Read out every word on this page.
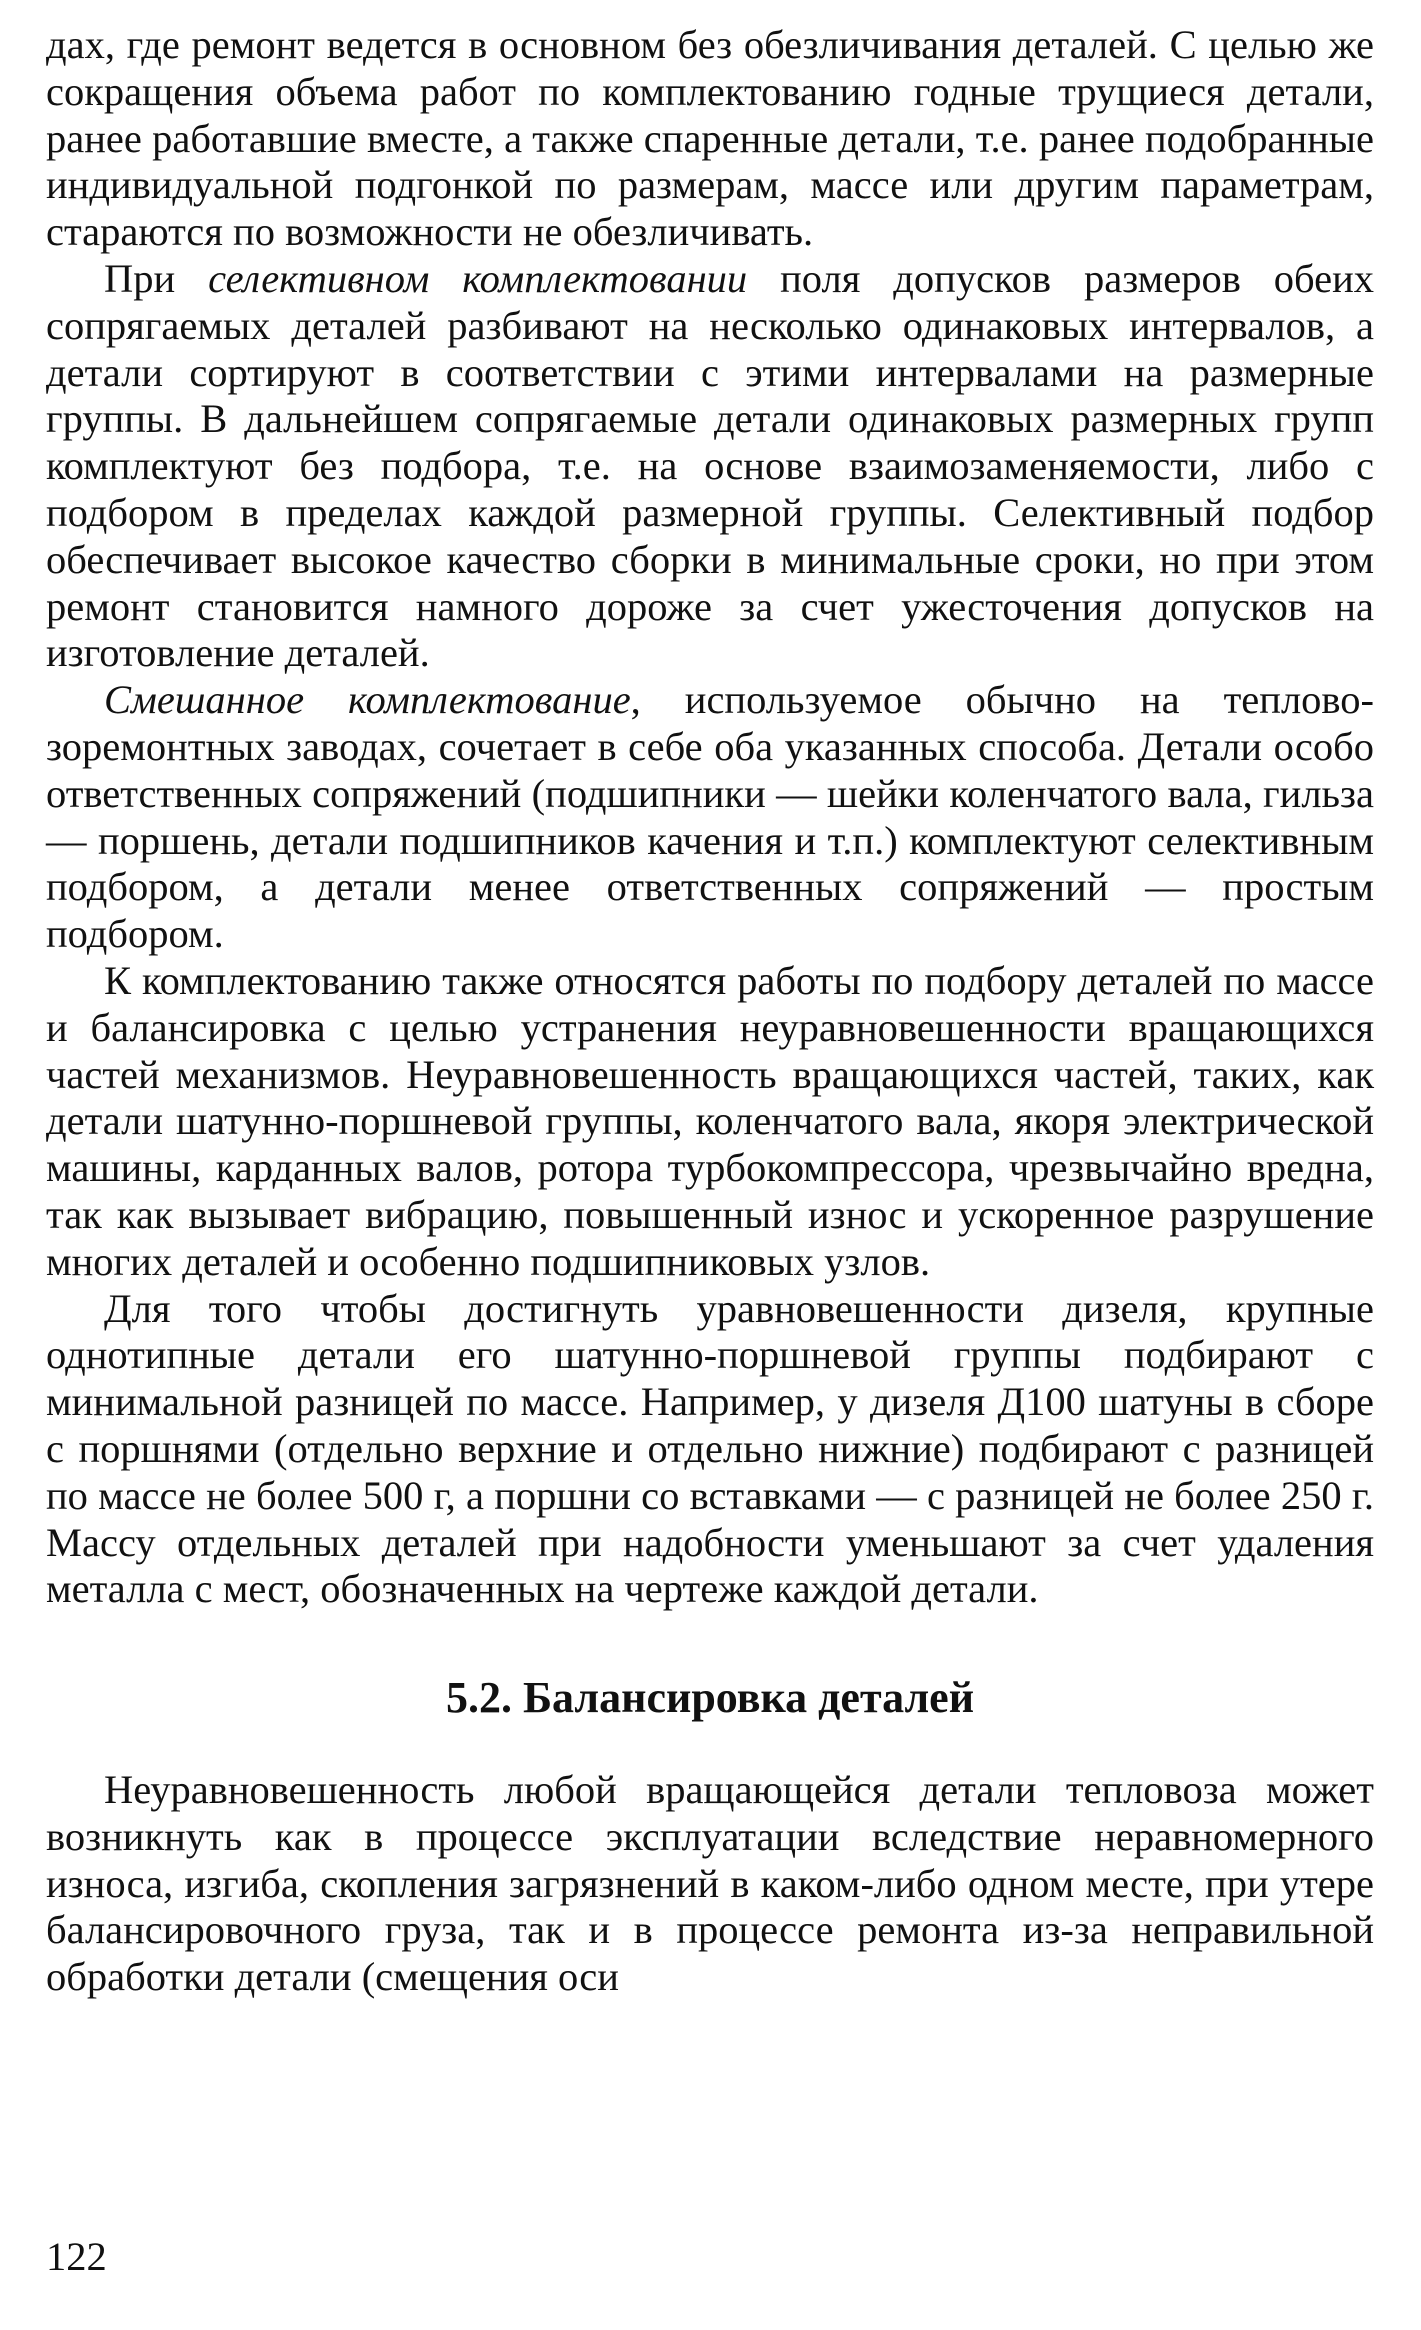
дах, где ремонт ведется в основном без обезличивания деталей. С целью же сокращения объема работ по комплектованию годные трущиеся детали, ранее работавшие вместе, а также спаренные детали, т.е. ранее подобранные индивидуальной подгонкой по размерам, массе или другим параметрам, стараются по возможности не обезличивать.

При селективном комплектовании поля допусков размеров обеих сопрягаемых деталей разбивают на несколько одинаковых интервалов, а детали сортируют в соответствии с этими интервалами на размерные группы. В дальнейшем сопрягаемые детали одинаковых размерных групп комплектуют без подбора, т.е. на основе взаимозаменяемости, либо с подбором в пределах каждой размерной группы. Селективный подбор обеспечивает высокое качество сборки в минимальные сроки, но при этом ремонт становится намного дороже за счет ужесточения допусков на изготовление деталей.

Смешанное комплектование, используемое обычно на тепловозоремонтных заводах, сочетает в себе оба указанных способа. Детали особо ответственных сопряжений (подшипники — шейки коленчатого вала, гильза — поршень, детали подшипников качения и т.п.) комплектуют селективным подбором, а детали менее ответственных сопряжений — простым подбором.

К комплектованию также относятся работы по подбору деталей по массе и балансировка с целью устранения неуравновешенности вращающихся частей механизмов. Неуравновешенность вращающихся частей, таких, как детали шатунно-поршневой группы, коленчатого вала, якоря электрической машины, карданных валов, ротора турбокомпрессора, чрезвычайно вредна, так как вызывает вибрацию, повышенный износ и ускоренное разрушение многих деталей и особенно подшипниковых узлов.

Для того чтобы достигнуть уравновешенности дизеля, крупные однотипные детали его шатунно-поршневой группы подбирают с минимальной разницей по массе. Например, у дизеля Д100 шатуны в сборе с поршнями (отдельно верхние и отдельно нижние) подбирают с разницей по массе не более 500 г, а поршни со вставками — с разницей не более 250 г. Массу отдельных деталей при надобности уменьшают за счет удаления металла с мест, обозначенных на чертеже каждой детали.

5.2. Балансировка деталей

Неуравновешенность любой вращающейся детали тепловоза может возникнуть как в процессе эксплуатации вследствие неравномерного износа, изгиба, скопления загрязнений в каком-либо одном месте, при утере балансировочного груза, так и в процессе ремонта из-за неправильной обработки детали (смещения оси

122
